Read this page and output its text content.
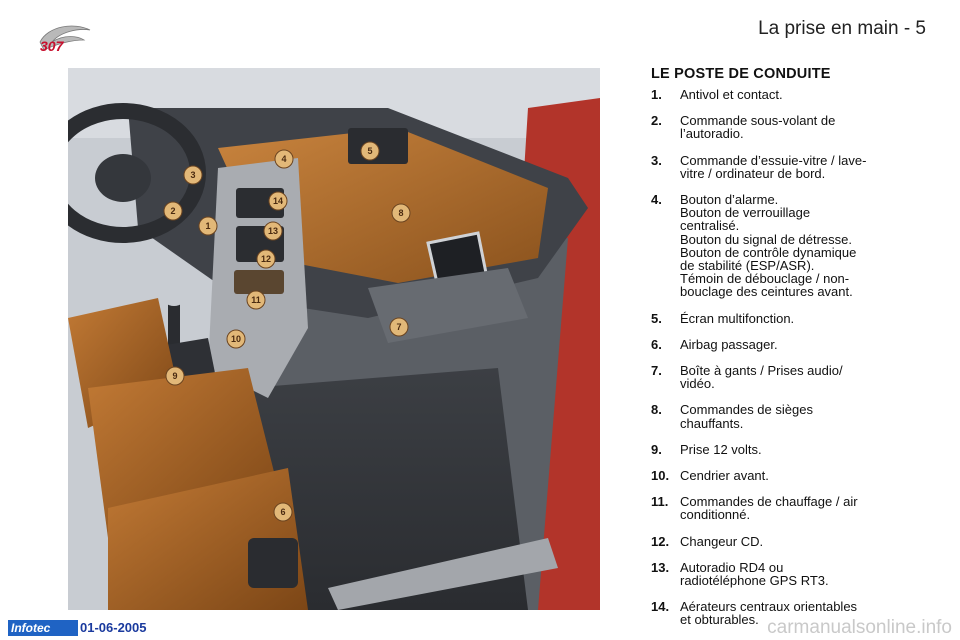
307
La prise en main - 5
1
2
3
4
5
6
7
8
9
10
11
12
13
14
LE POSTE DE CONDUITE
1.	Antivol et contact.
2.	Commande sous-volant de
l’autoradio.
3.	Commande d’essuie-vitre / lave-
vitre / ordinateur de bord.
4.	Bouton d’alarme.
Bouton de verrouillage
centralisé.
Bouton du signal de détresse.
Bouton de contrôle dynamique
de stabilité (ESP/ASR).
Témoin de débouclage / non-
bouclage des ceintures avant.
5.	Écran multifonction.
6.	Airbag passager.
7.	Boîte à gants / Prises audio/
vidéo.
8.	Commandes de sièges
chauffants.
9.	Prise 12 volts.
10. Cendrier avant.
11. Commandes de chauffage / air
conditionné.
12. Changeur CD.
13. Autoradio RD4 ou
radiotéléphone GPS RT3.
14. Aérateurs centraux orientables
et obturables.
Infotec	01-06-2005	carmanualsonline.info
